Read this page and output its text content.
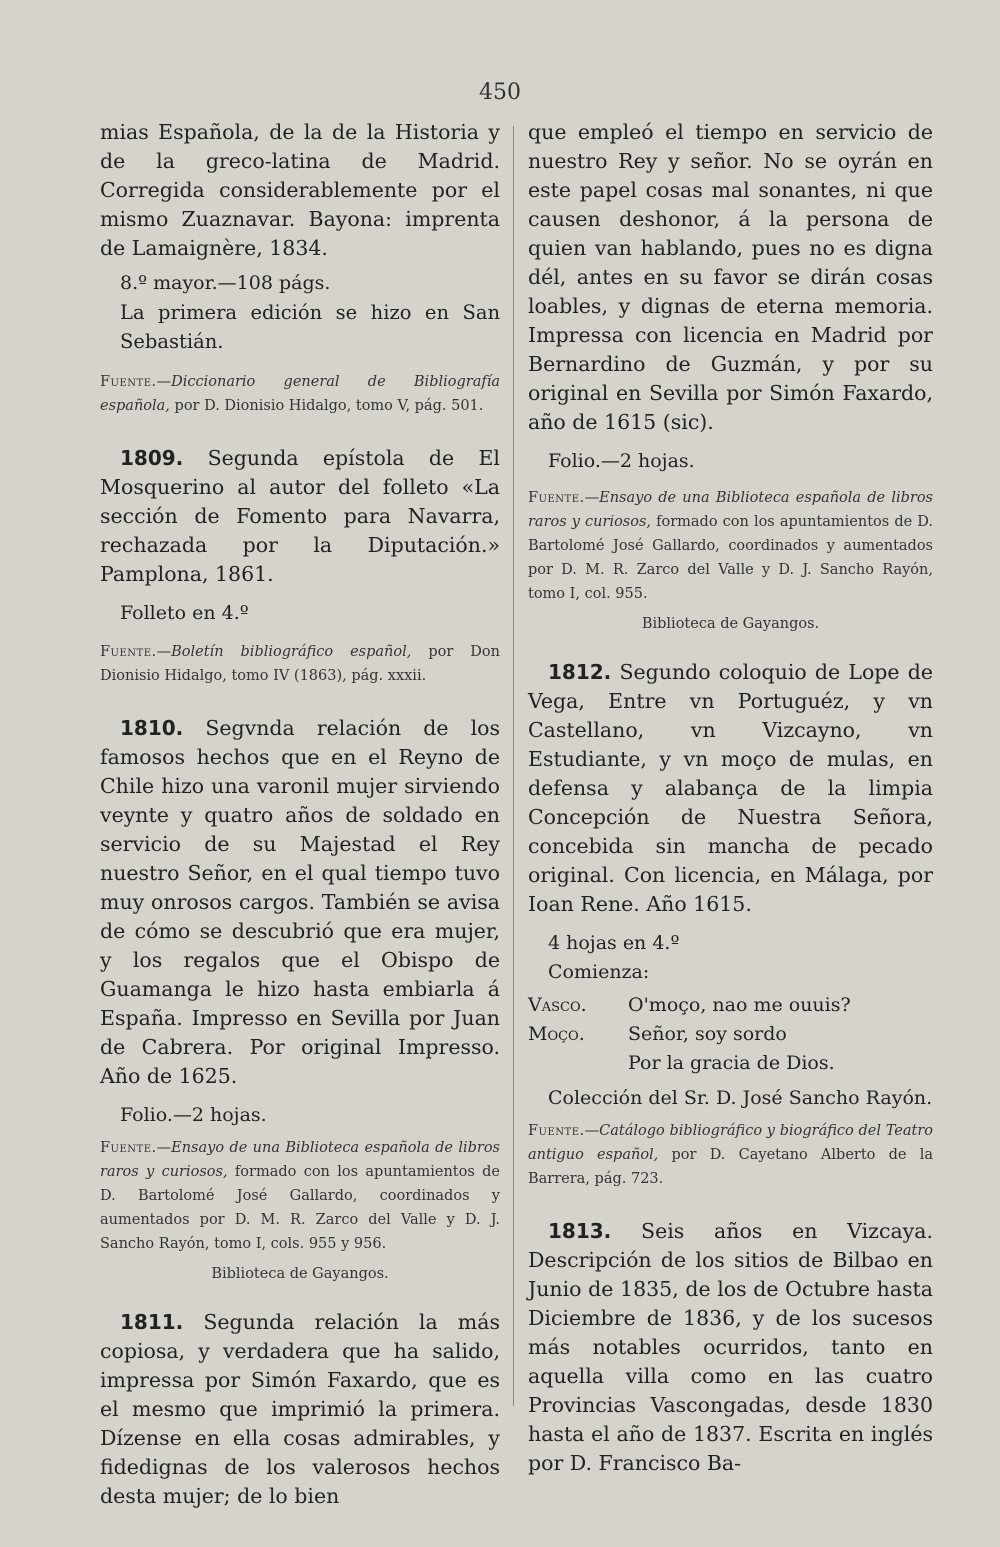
450

mias Española, de la de la Historia y de la greco-latina de Madrid. Corregida considerablemente por el mismo Zuaznavar. Bayona: imprenta de Lamaignère, 1834.

8.º mayor.—108 págs.

La primera edición se hizo en San Sebastián.

Fuente.—Diccionario general de Bibliografía española, por D. Dionisio Hidalgo, tomo V, pág. 501.

1809. Segunda epístola de El Mosquerino al autor del folleto «La sección de Fomento para Navarra, rechazada por la Diputación.» Pamplona, 1861.

Folleto en 4.º

Fuente.—Boletín bibliográfico español, por Don Dionisio Hidalgo, tomo IV (1863), pág. xxxii.

1810. Segvnda relación de los famosos hechos que en el Reyno de Chile hizo una varonil mujer sirviendo veynte y quatro años de soldado en servicio de su Majestad el Rey nuestro Señor, en el qual tiempo tuvo muy onrosos cargos. También se avisa de cómo se descubrió que era mujer, y los regalos que el Obispo de Guamanga le hizo hasta embiarla á España. Impresso en Sevilla por Juan de Cabrera. Por original Impresso. Año de 1625.

Folio.—2 hojas.

Fuente.—Ensayo de una Biblioteca española de libros raros y curiosos, formado con los apuntamientos de D. Bartolomé José Gallardo, coordinados y aumentados por D. M. R. Zarco del Valle y D. J. Sancho Rayón, tomo I, cols. 955 y 956.

Biblioteca de Gayangos.

1811. Segunda relación la más copiosa, y verdadera que ha salido, impressa por Simón Faxardo, que es el mesmo que imprimió la primera. Dízense en ella cosas admirables, y fidedignas de los valerosos hechos desta mujer; de lo bien

que empleó el tiempo en servicio de nuestro Rey y señor. No se oyrán en este papel cosas mal sonantes, ni que causen deshonor, á la persona de quien van hablando, pues no es digna dél, antes en su favor se dirán cosas loables, y dignas de eterna memoria. Impressa con licencia en Madrid por Bernardino de Guzmán, y por su original en Sevilla por Simón Faxardo, año de 1615 (sic).

Folio.—2 hojas.

Fuente.—Ensayo de una Biblioteca española de libros raros y curiosos, formado con los apuntamientos de D. Bartolomé José Gallardo, coordinados y aumentados por D. M. R. Zarco del Valle y D. J. Sancho Rayón, tomo I, col. 955.

Biblioteca de Gayangos.

1812. Segundo coloquio de Lope de Vega, Entre vn Portuguéz, y vn Castellano, vn Vizcayno, vn Estudiante, y vn moço de mulas, en defensa y alabança de la limpia Concepción de Nuestra Señora, concebida sin mancha de pecado original. Con licencia, en Málaga, por Ioan Rene. Año 1615.

4 hojas en 4.º

Comienza:

Vasco.	O'moço, nao me ouuis?
Moço.	Señor, soy sordo
Por la gracia de Dios.

Colección del Sr. D. José Sancho Rayón.

Fuente.—Catálogo bibliográfico y biográfico del Teatro antiguo español, por D. Cayetano Alberto de la Barrera, pág. 723.

1813. Seis años en Vizcaya. Descripción de los sitios de Bilbao en Junio de 1835, de los de Octubre hasta Diciembre de 1836, y de los sucesos más notables ocurridos, tanto en aquella villa como en las cuatro Provincias Vascongadas, desde 1830 hasta el año de 1837. Escrita en inglés por D. Francisco Ba-
